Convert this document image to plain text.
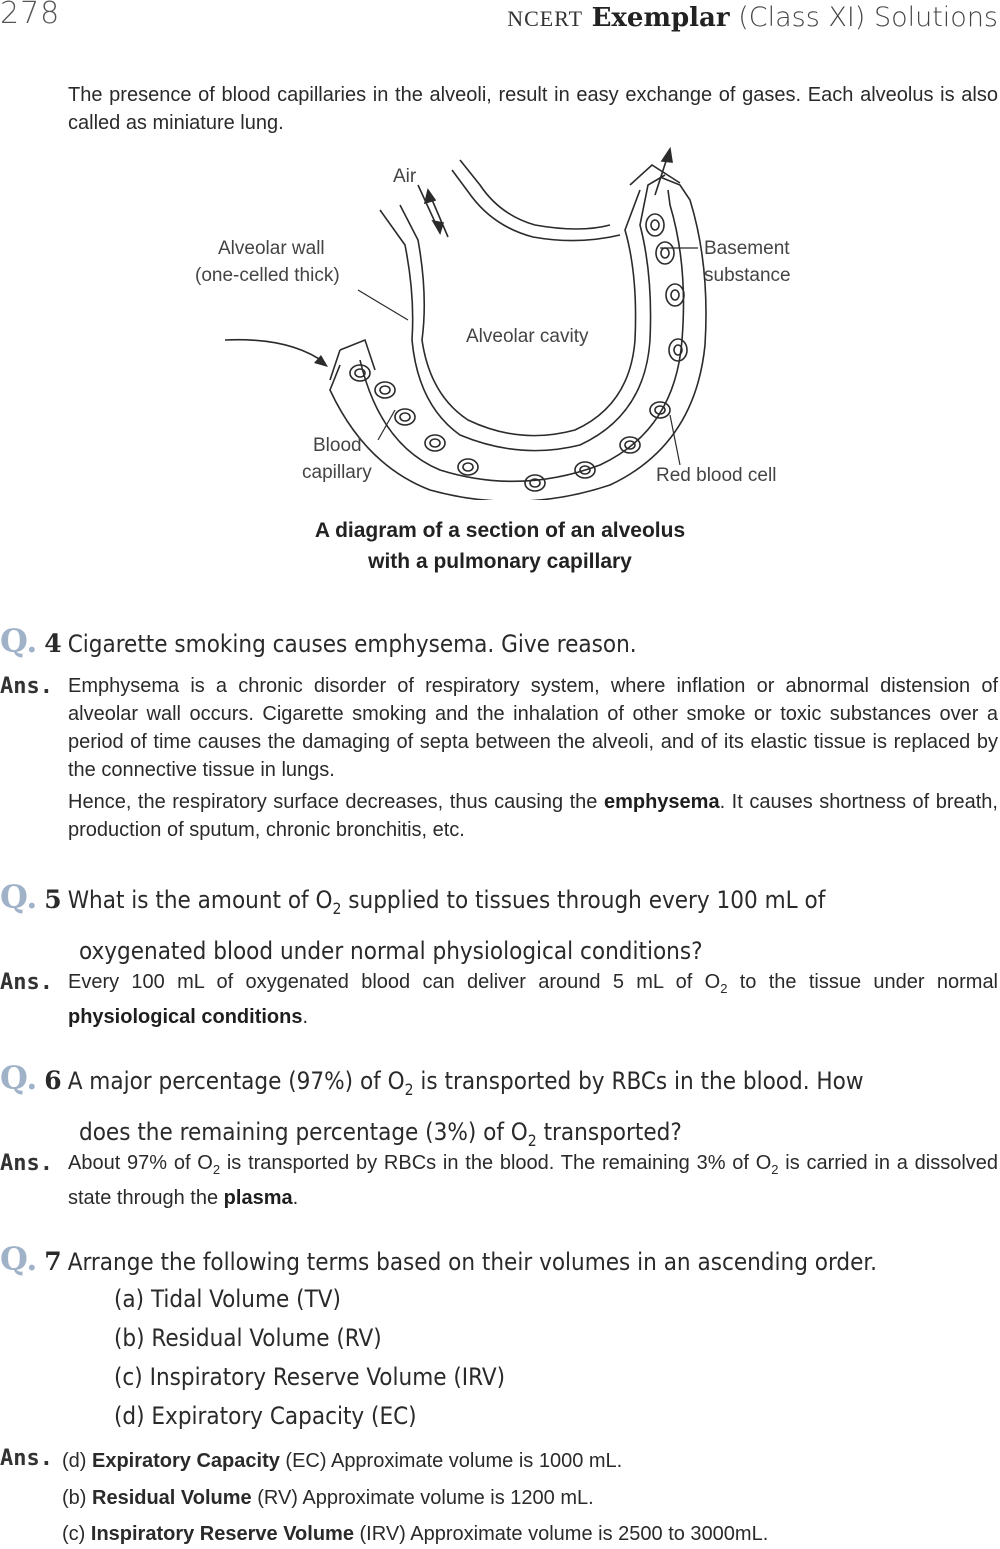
278	NCERT Exemplar (Class XI) Solutions
The presence of blood capillaries in the alveoli, result in easy exchange of gases. Each alveolus is also called as miniature lung.
Air
Alveolar wall
(one-celled thick)
Basement
substance
Alveolar cavity
Blood
capillary	Red blood cell
A diagram of a section of an alveolus
with a pulmonary capillary
Q. 4 Cigarette smoking causes emphysema. Give reason.
Ans. Emphysema is a chronic disorder of respiratory system, where inflation or abnormal distension of alveolar wall occurs. Cigarette smoking and the inhalation of other smoke or toxic substances over a period of time causes the damaging of septa between the alveoli, and of its elastic tissue is replaced by the connective tissue in lungs.
Hence, the respiratory surface decreases, thus causing the emphysema. It causes shortness of breath, production of sputum, chronic bronchitis, etc.
Q. 5 What is the amount of $O_2$ supplied to tissues through every 100 mL of
oxygenated blood under normal physiological conditions?
Ans. Every 100 mL of oxygenated blood can deliver around 5 mL of $O_2$ to the tissue under normal physiological conditions.
Q. 6 A major percentage (97%) of $O_2$ is transported by RBCs in the blood. How
does the remaining percentage (3%) of $O_2$ transported?
Ans. About 97% of $O_2$ is transported by RBCs in the blood. The remaining 3% of $O_2$ is carried in a dissolved state through the plasma.
Q. 7 Arrange the following terms based on their volumes in an ascending order.
(a) Tidal Volume (TV)
(b) Residual Volume (RV)
(c) Inspiratory Reserve Volume (IRV)
(d) Expiratory Capacity (EC)
Ans. (d) Expiratory Capacity (EC) Approximate volume is 1000 mL.
(b) Residual Volume (RV) Approximate volume is 1200 mL.
(c) Inspiratory Reserve Volume (IRV) Approximate volume is 2500 to 3000mL.
